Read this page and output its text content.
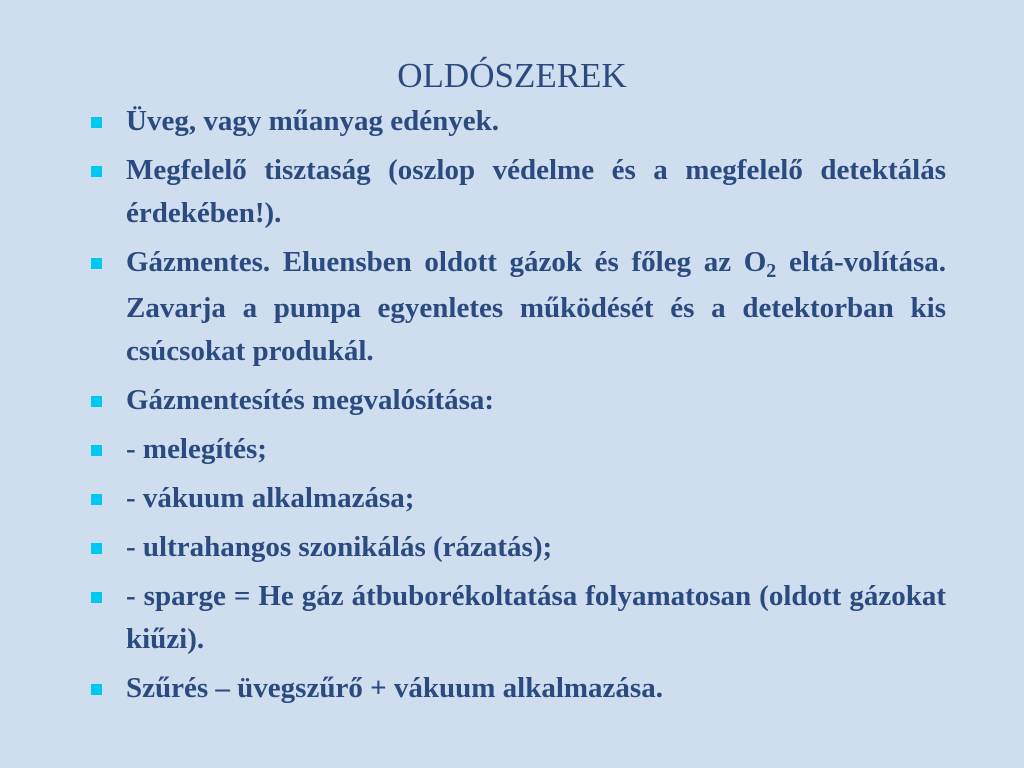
OLDÓSZEREK
Üveg, vagy műanyag edények.
Megfelelő tisztaság (oszlop védelme és a megfelelő detektálás érdekében!).
Gázmentes. Eluensben oldott gázok és főleg az $O_2$ eltá-volítása. Zavarja a pumpa egyenletes működését és a detektorban kis csúcsokat produkál.
Gázmentesítés megvalósítása:
- melegítés;
- vákuum alkalmazása;
- ultrahangos szonikálás (rázatás);
- sparge = He gáz átbuborékoltatása folyamatosan (oldott gázokat kiűzi).
Szűrés – üvegszűrő + vákuum alkalmazása.
